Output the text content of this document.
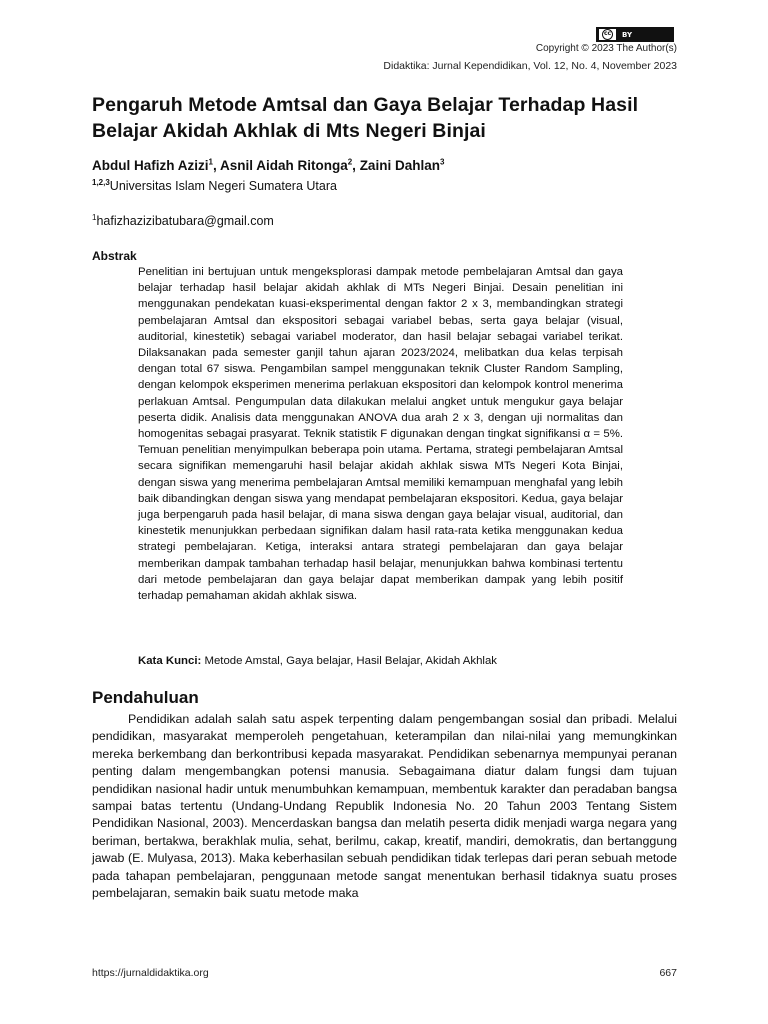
cc BY
Copyright © 2023 The Author(s)
Didaktika: Jurnal Kependidikan, Vol. 12, No. 4, November 2023
Pengaruh Metode Amtsal dan Gaya Belajar Terhadap Hasil Belajar Akidah Akhlak di Mts Negeri Binjai
Abdul Hafizh Azizi$^1$, Asnil Aidah Ritonga$^2$, Zaini Dahlan$^3$
$^{1,2,3}$Universitas Islam Negeri Sumatera Utara
$^1$hafizhazizibatubara@gmail.com
Abstrak

Penelitian ini bertujuan untuk mengeksplorasi dampak metode pembelajaran Amtsal dan gaya belajar terhadap hasil belajar akidah akhlak di MTs Negeri Binjai. Desain penelitian ini menggunakan pendekatan kuasi-eksperimental dengan faktor 2 x 3, membandingkan strategi pembelajaran Amtsal dan ekspositori sebagai variabel bebas, serta gaya belajar (visual, auditorial, kinestetik) sebagai variabel moderator, dan hasil belajar sebagai variabel terikat. Dilaksanakan pada semester ganjil tahun ajaran 2023/2024, melibatkan dua kelas terpisah dengan total 67 siswa. Pengambilan sampel menggunakan teknik Cluster Random Sampling, dengan kelompok eksperimen menerima perlakuan ekspositori dan kelompok kontrol menerima perlakuan Amtsal. Pengumpulan data dilakukan melalui angket untuk mengukur gaya belajar peserta didik. Analisis data menggunakan ANOVA dua arah 2 x 3, dengan uji normalitas dan homogenitas sebagai prasyarat. Teknik statistik F digunakan dengan tingkat signifikansi α = 5%. Temuan penelitian menyimpulkan beberapa poin utama. Pertama, strategi pembelajaran Amtsal secara signifikan memengaruhi hasil belajar akidah akhlak siswa MTs Negeri Kota Binjai, dengan siswa yang menerima pembelajaran Amtsal memiliki kemampuan menghafal yang lebih baik dibandingkan dengan siswa yang mendapat pembelajaran ekspositori. Kedua, gaya belajar juga berpengaruh pada hasil belajar, di mana siswa dengan gaya belajar visual, auditorial, dan kinestetik menunjukkan perbedaan signifikan dalam hasil rata-rata ketika menggunakan kedua strategi pembelajaran. Ketiga, interaksi antara strategi pembelajaran dan gaya belajar memberikan dampak tambahan terhadap hasil belajar, menunjukkan bahwa kombinasi tertentu dari metode pembelajaran dan gaya belajar dapat memberikan dampak yang lebih positif terhadap pemahaman akidah akhlak siswa.

Kata Kunci: Metode Amstal, Gaya belajar, Hasil Belajar, Akidah Akhlak
Pendahuluan

Pendidikan adalah salah satu aspek terpenting dalam pengembangan sosial dan pribadi. Melalui pendidikan, masyarakat memperoleh pengetahuan, keterampilan dan nilai-nilai yang memungkinkan mereka berkembang dan berkontribusi kepada masyarakat. Pendidikan sebenarnya mempunyai peranan penting dalam mengembangkan potensi manusia. Sebagaimana diatur dalam fungsi dam tujuan pendidikan nasional hadir untuk menumbuhkan kemampuan, membentuk karakter dan peradaban bangsa sampai batas tertentu (Undang-Undang Republik Indonesia No. 20 Tahun 2003 Tentang Sistem Pendidikan Nasional, 2003). Mencerdaskan bangsa dan melatih peserta didik menjadi warga negara yang beriman, bertakwa, berakhlak mulia, sehat, berilmu, cakap, kreatif, mandiri, demokratis, dan bertanggung jawab (E. Mulyasa, 2013). Maka keberhasilan sebuah pendidikan tidak terlepas dari peran sebuah metode pada tahapan pembelajaran, penggunaan metode sangat menentukan berhasil tidaknya suatu proses pembelajaran, semakin baik suatu metode maka

https://jurnaldidaktika.org	667
